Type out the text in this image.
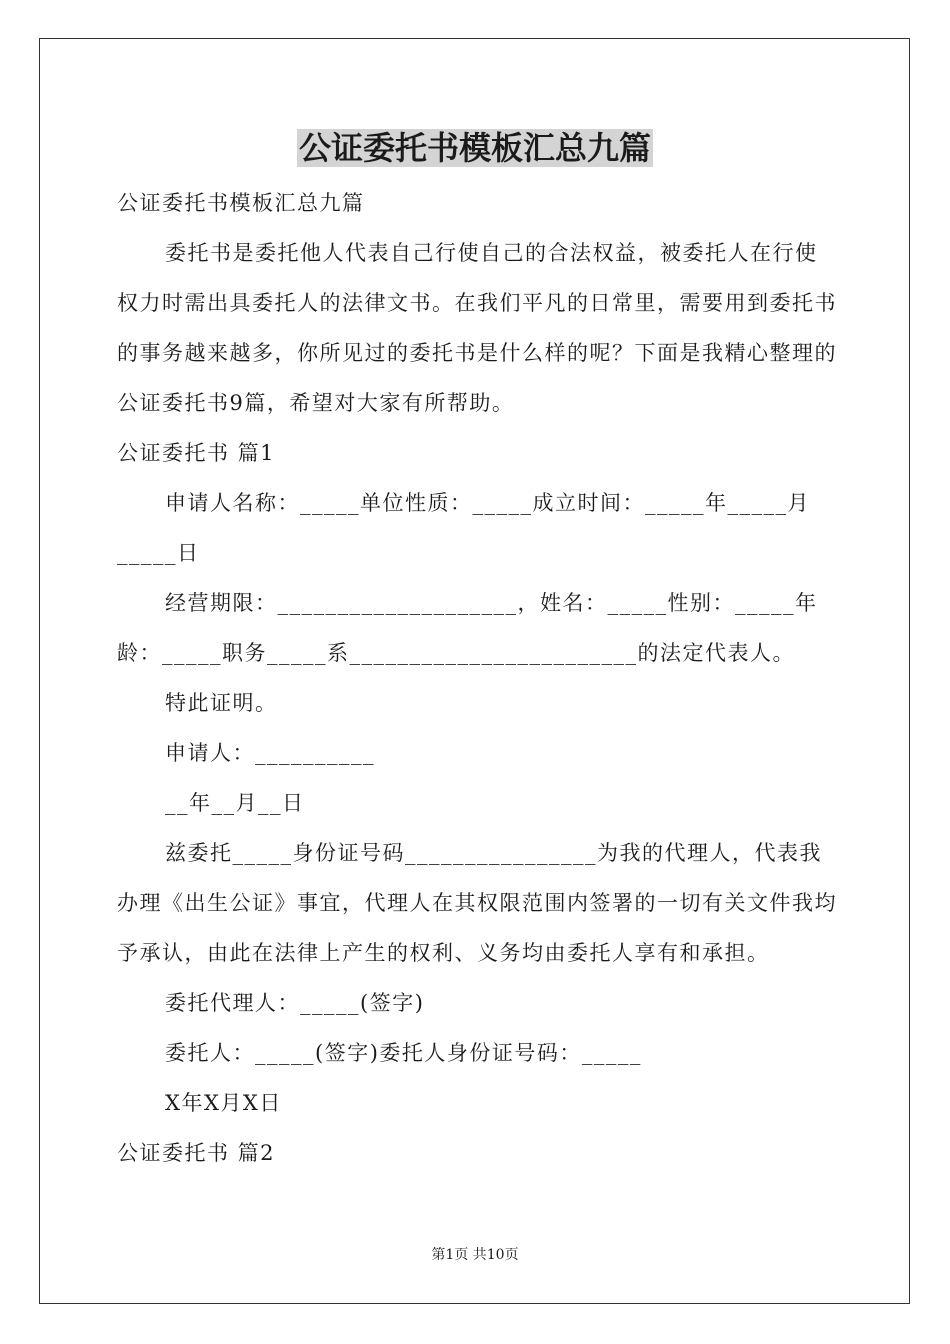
公证委托书模板汇总九篇

公证委托书模板汇总九篇

委托书是委托他人代表自己行使自己的合法权益，被委托人在行使权力时需出具委托人的法律文书。在我们平凡的日常里，需要用到委托书的事务越来越多，你所见过的委托书是什么样的呢？下面是我精心整理的公证委托书9篇，希望对大家有所帮助。

公证委托书 篇1

申请人名称：_____单位性质：_____成立时间：_____年_____月_____日

经营期限：____________________，姓名：_____性别：_____年龄：_____职务_____系________________________的法定代表人。

特此证明。

申请人：__________

__年__月__日

兹委托_____身份证号码________________为我的代理人，代表我办理《出生公证》事宜，代理人在其权限范围内签署的一切有关文件我均予承认，由此在法律上产生的权利、义务均由委托人享有和承担。

委托代理人：_____(签字)

委托人：_____(签字)委托人身份证号码：_____

X年X月X日

公证委托书 篇2

第1页 共10页
